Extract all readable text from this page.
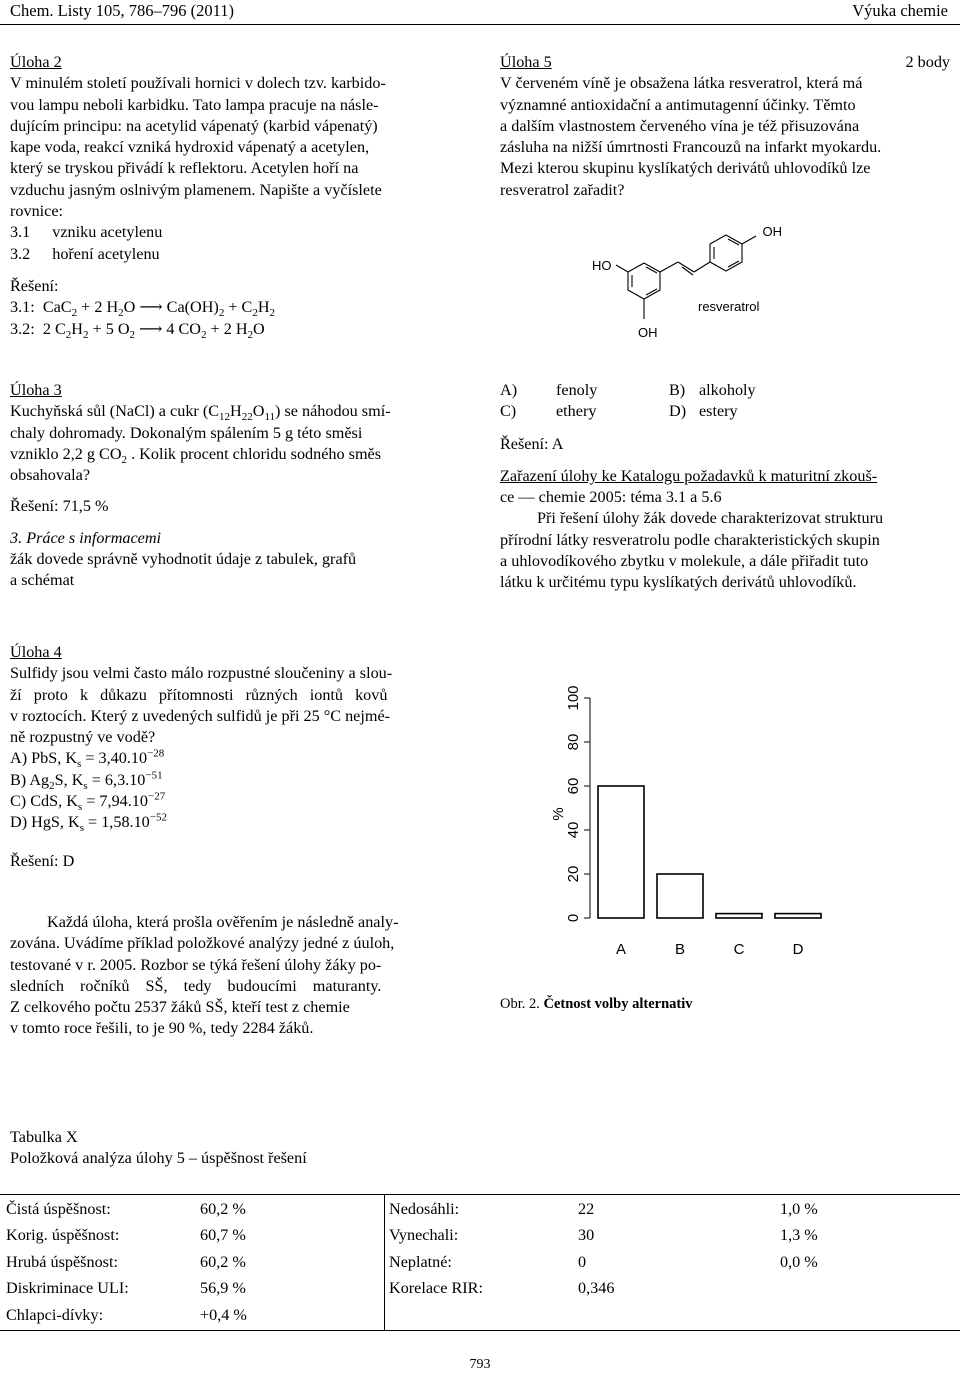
Chem. Listy 105, 786–796 (2011)	Výuka chemie
Úloha 2
V minulém století používali hornici v dolech tzv. karbido-
vou lampu neboli karbidku. Tato lampa pracuje na násle-
dujícím principu: na acetylid vápenatý (karbid vápenatý)
kape voda, reakcí vzniká hydroxid vápenatý a acetylen,
který se tryskou přivádí k reflektoru. Acetylen hoří na
vzduchu jasným oslnivým plamenem. Napište a vyčíslete
rovnice:
3.1 vzniku acetylenu
3.2 hoření acetylenu
Řešení:
3.1:  CaC$_2$ + 2 $H_2O$ ⟶ $Ca(OH)_2 + C_2H_2$
3.2:  2 $C_2H_2 + 5$ $O_2$ ⟶ 4 $CO_2 + 2$ $H_2O$
Úloha 3
Kuchyňská sůl (NaCl) a cukr $(C_{12}H_{22}O_{11})$ se náhodou smí-
chaly dohromady. Dokonalým spálením 5 g této směsi
vzniklo 2,2 g $CO_2$ . Kolik procent chloridu sodného směs
obsahovala?
Řešení: 71,5 %
3. Práce s informacemi
žák dovede správně vyhodnotit údaje z tabulek, grafů
a schémat
Úloha 4
Sulfidy jsou velmi často málo rozpustné sloučeniny a slou-
ží proto k důkazu přítomnosti různých iontů kovů
v roztocích. Který z uvedených sulfidů je při 25 °C nejmé-
ně rozpustný ve vodě?
A) PbS, $K_s = 3,40.10^{-28}$
B) $Ag_2S$, $K_s = 6,3.10^{-51}$
C) CdS, $K_s = 7,94.10^{-27}$
D) HgS, $K_s = 1,58.10^{-52}$
Řešení: D
Každá úloha, která prošla ověřením je následně analy-
zována. Uvádíme příklad položkové analýzy jedné z úuloh,
testované v r. 2005. Rozbor se týká řešení úlohy žáky po-
sledních ročníků SŠ, tedy budoucími maturanty.
Z celkového počtu 2537 žáků SŠ, kteří test z chemie
v tomto roce řešili, to je 90 %, tedy 2284 žáků.
Úloha 5	2 body
V červeném víně je obsažena látka resveratrol, která má
významné antioxidační a antimutagenní účinky. Těmto
a dalším vlastnostem červeného vína je též přisuzována
zásluha na nižší úmrtnosti Francouzů na infarkt myokardu.
Mezi kterou skupinu kyslíkatých derivátů uhlovodíků lze
resveratrol zařadit?
OH
HO
OH
resveratrol
A) fenoly	B) alkoholy
C) ethery	D) estery
Řešení: A
Zařazení úlohy ke Katalogu požadavků k maturitní zkouš-
ce — chemie 2005: téma 3.1 a 5.6
Při řešení úlohy žák dovede charakterizovat strukturu
přírodní látky resveratrolu podle charakteristických skupin
a uhlovodíkového zbytku v molekule, a dále přiřadit tuto
látku k určitému typu kyslíkatých derivátů uhlovodíků.
0
20
40
60
80
100
A	B	C	D
%
Obr. 2. Četnost volby alternativ
Tabulka X
Položková analýza úlohy 5 – úspěšnost řešení
Čistá úspěšnost:	60,2 %
Korig. úspěšnost:	60,7 %
Hrubá úspěšnost:	60,2 %
Diskriminace ULI:	56,9 %
Chlapci-dívky:	+0,4 %
Nedosáhli:	22	1,0 %
Vynechali:	30	1,3 %
Neplatné:	0	0,0 %
Korelace RIR:	0,346	

793
